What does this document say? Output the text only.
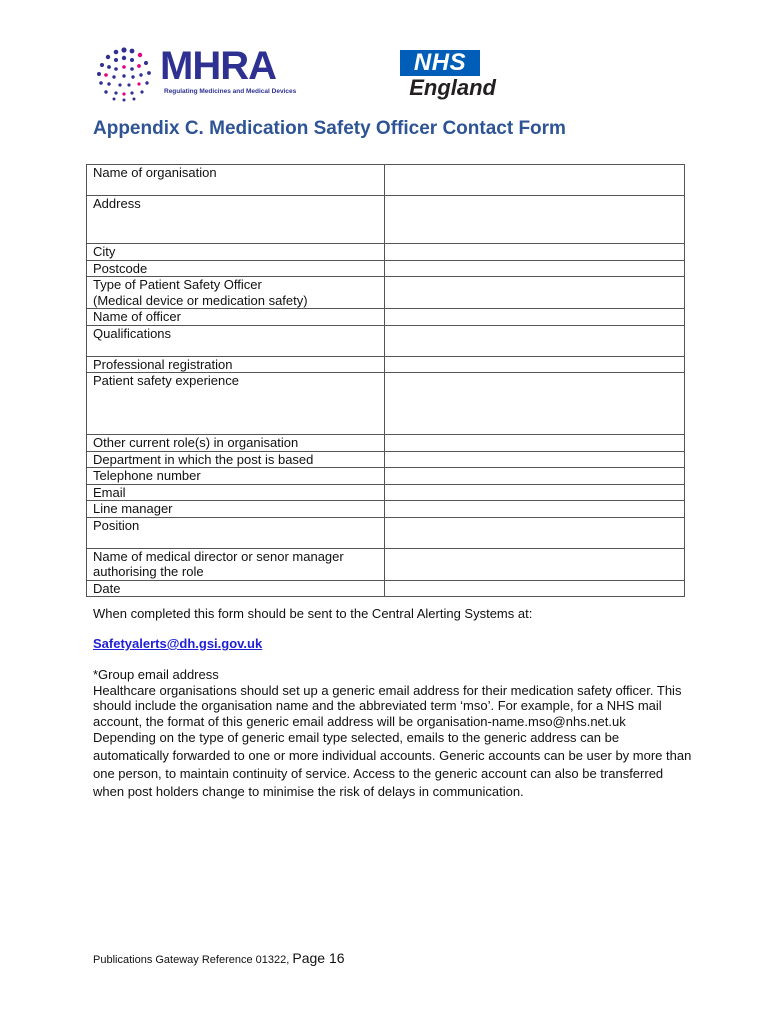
MHRA
Regulating Medicines and Medical Devices
NHS
England
Appendix C. Medication Safety Officer Contact Form
Name of organisation	
Address	
City	
Postcode	

Type of Patient Safety Officer
(Medical device or medication safety)	

Name of officer	
Qualifications	
Professional registration	
Patient safety experience	
Other current role(s) in organisation	
Department in which the post is based	
Telephone number	
Email	
Line manager	
Position	

Name of medical director or senor manager
authorising the role	

Date	
When completed this form should be sent to the Central Alerting Systems at:
Safetyalerts@dh.gsi.gov.uk
*Group email address
Healthcare organisations should set up a generic email address for their medication safety officer. This should include the organisation name and the abbreviated term ‘mso’. For example, for a NHS mail account, the format of this generic email address will be organisation-name.mso@nhs.net.uk
Depending on the type of generic email type selected, emails to the generic address can be automatically forwarded to one or more individual accounts. Generic accounts can be user by more than one person, to maintain continuity of service. Access to the generic account can also be transferred when post holders change to minimise the risk of delays in communication.
Publications Gateway Reference 01322, Page 16
